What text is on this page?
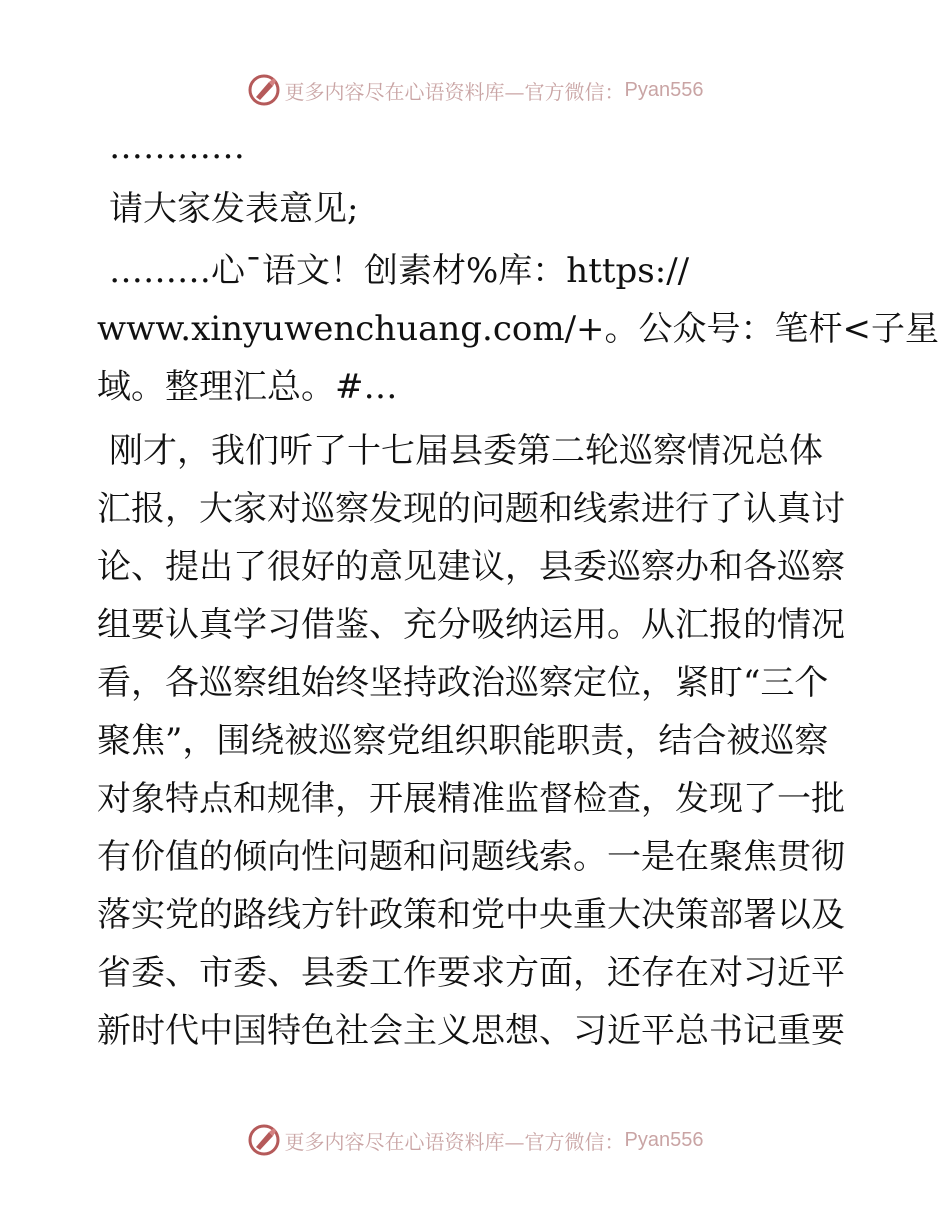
更多内容尽在心语资料库—官方微信： Pyan556
…………
请大家发表意见;
………心¯语文！创素材%库：https://
www.xinyuwenchuang.com/+。公众号：笔杆<子星
域。整理汇总。#…
刚才，我们听了十七届县委第二轮巡察情况总体
汇报，大家对巡察发现的问题和线索进行了认真讨
论、提出了很好的意见建议，县委巡察办和各巡察
组要认真学习借鉴、充分吸纳运用。从汇报的情况
看，各巡察组始终坚持政治巡察定位，紧盯“三个
聚焦”，围绕被巡察党组织职能职责，结合被巡察
对象特点和规律，开展精准监督检查，发现了一批
有价值的倾向性问题和问题线索。一是在聚焦贯彻
落实党的路线方针政策和党中央重大决策部署以及
省委、市委、县委工作要求方面，还存在对习近平
新时代中国特色社会主义思想、习近平总书记重要
更多内容尽在心语资料库—官方微信： Pyan556
